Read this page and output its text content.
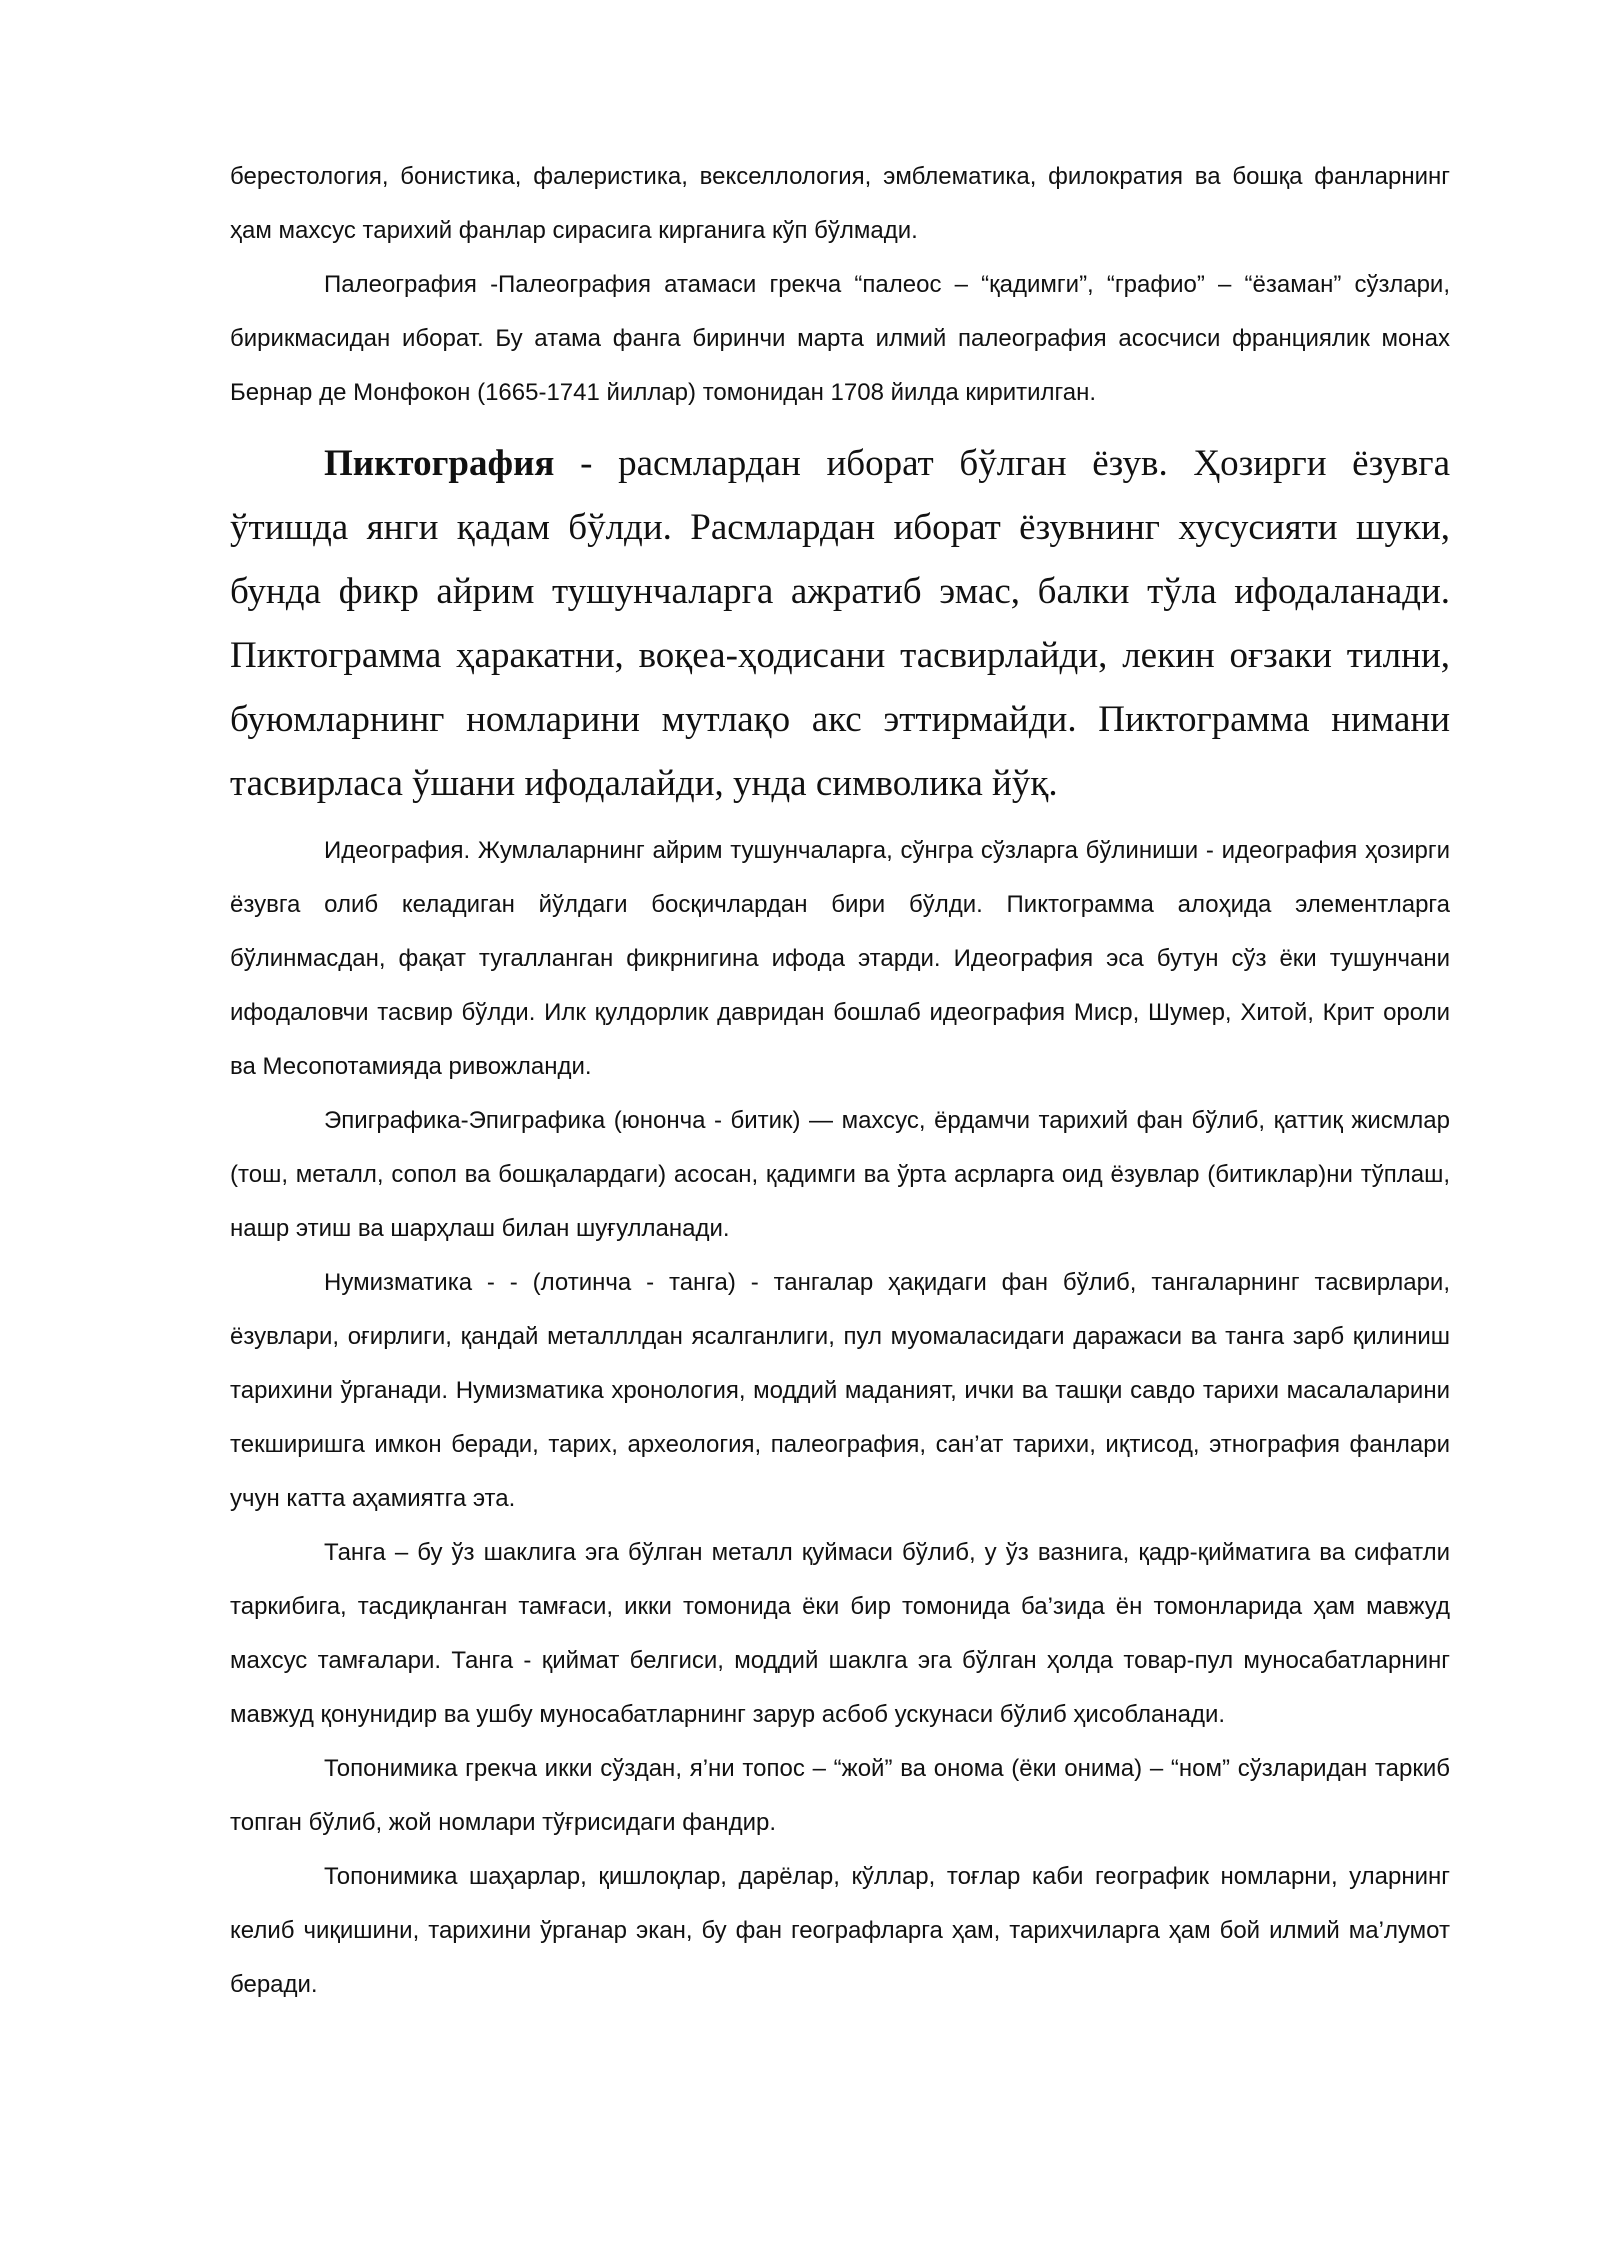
берестология, бонистика, фалеристика, векселлология, эмблематика, филократия ва бошқа фанларнинг ҳам махсус тарихий фанлар сирасига кирганига кўп бўлмади.

Палеография -Палеография атамаси грекча “палеос – “қадимги”, “графио” – “ёзаман” сўзлари, бирикмасидан иборат. Бу атама фанга биринчи марта илмий палеография асосчиси франциялик монах Бернар де Монфокон (1665-1741 йиллар) томонидан 1708 йилда киритилган.

Пиктография - расмлардан иборат бўлган ёзув. Ҳозирги ёзувга ўтишда янги қадам бўлди. Расмлардан иборат ёзувнинг хусусияти шуки, бунда фикр айрим тушунчаларга ажратиб эмас, балки тўла ифодаланади. Пиктограмма ҳаракатни, воқеа-ҳодисани тасвирлайди, лекин оғзаки тилни, буюмларнинг номларини мутлақо акс эттирмайди. Пиктограмма нимани тасвирласа ўшани ифодалайди, унда символика йўқ.

Идеография. Жумлаларнинг айрим тушунчаларга, сўнгра сўзларга бўлиниши - идеография ҳозирги ёзувга олиб келадиган йўлдаги босқичлардан бири бўлди. Пиктограмма алоҳида элементларга бўлинмасдан, фақат тугалланган фикрнигина ифода этарди. Идеография эса бутун сўз ёки тушунчани ифодаловчи тасвир бўлди. Илк қулдорлик давридан бошлаб идеография Миср, Шумер, Хитой, Крит ороли ва Месопотамияда ривожланди.

Эпиграфика-Эпиграфика (юнонча - битик) — махсус, ёрдамчи тарихий фан бўлиб, қаттиқ жисмлар (тош, металл, сопол ва бошқалардаги) асосан, қадимги ва ўрта асрларга оид ёзувлар (битиклар)ни тўплаш, нашр этиш ва шарҳлаш билан шуғулланади.

Нумизматика - - (лотинча - танга) - тангалар ҳақидаги фан бўлиб, тангаларнинг тасвирлари, ёзувлари, оғирлиги, қандай металллдан ясалганлиги, пул муомаласидаги даражаси ва танга зарб қилиниш тарихини ўрганади. Нумизматика хронология, моддий маданият, ички ва ташқи савдо тарихи масалаларини текширишга имкон беради, тарих, археология, палеография, сан’ат тарихи, иқтисод, этнография фанлари учун катта аҳамиятга эта.

Танга – бу ўз шаклига эга бўлган металл қуймаси бўлиб, у ўз вазнига, қадр-қийматига ва сифатли таркибига, тасдиқланган тамғаси, икки томонида ёки бир томонида ба’зида ён томонларида ҳам мавжуд махсус тамғалари. Танга - қиймат белгиси, моддий шаклга эга бўлган ҳолда товар-пул муносабатларнинг мавжуд қонунидир ва ушбу муносабатларнинг зарур асбоб ускунаси бўлиб ҳисобланади.

Топонимика грекча икки сўздан, я’ни топос – “жой” ва онома (ёки онима) – “ном” сўзларидан таркиб топган бўлиб, жой номлари тўғрисидаги фандир.

Топонимика шаҳарлар, қишлоқлар, дарёлар, кўллар, тоғлар каби географик номларни, уларнинг келиб чиқишини, тарихини ўрганар экан, бу фан географларга ҳам, тарихчиларга ҳам бой илмий ма’лумот беради.
